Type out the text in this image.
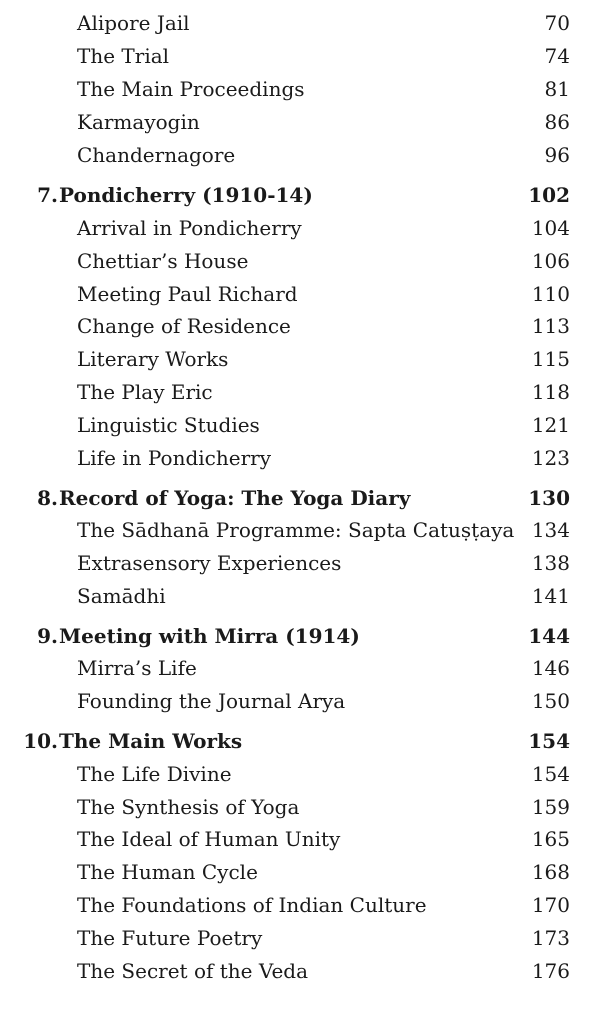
Alipore Jail	70
The Trial	74
The Main Proceedings	81
Karmayogin	86
Chandernagore	96
7. Pondicherry (1910-14)	102
Arrival in Pondicherry	104
Chettiar’s House	106
Meeting Paul Richard	110
Change of Residence	113
Literary Works	115
The Play Eric	118
Linguistic Studies	121
Life in Pondicherry	123
8. Record of Yoga: The Yoga Diary	130
The Sādhanā Programme: Sapta Catuṣṭaya 134
Extrasensory Experiences	138
Samādhi	141
9. Meeting with Mirra (1914)	144
Mirra’s Life	146
Founding the Journal Arya	150
10. The Main Works	154
The Life Divine	154
The Synthesis of Yoga	159
The Ideal of Human Unity	165
The Human Cycle	168
The Foundations of Indian Culture	170
The Future Poetry	173
The Secret of the Veda	176
